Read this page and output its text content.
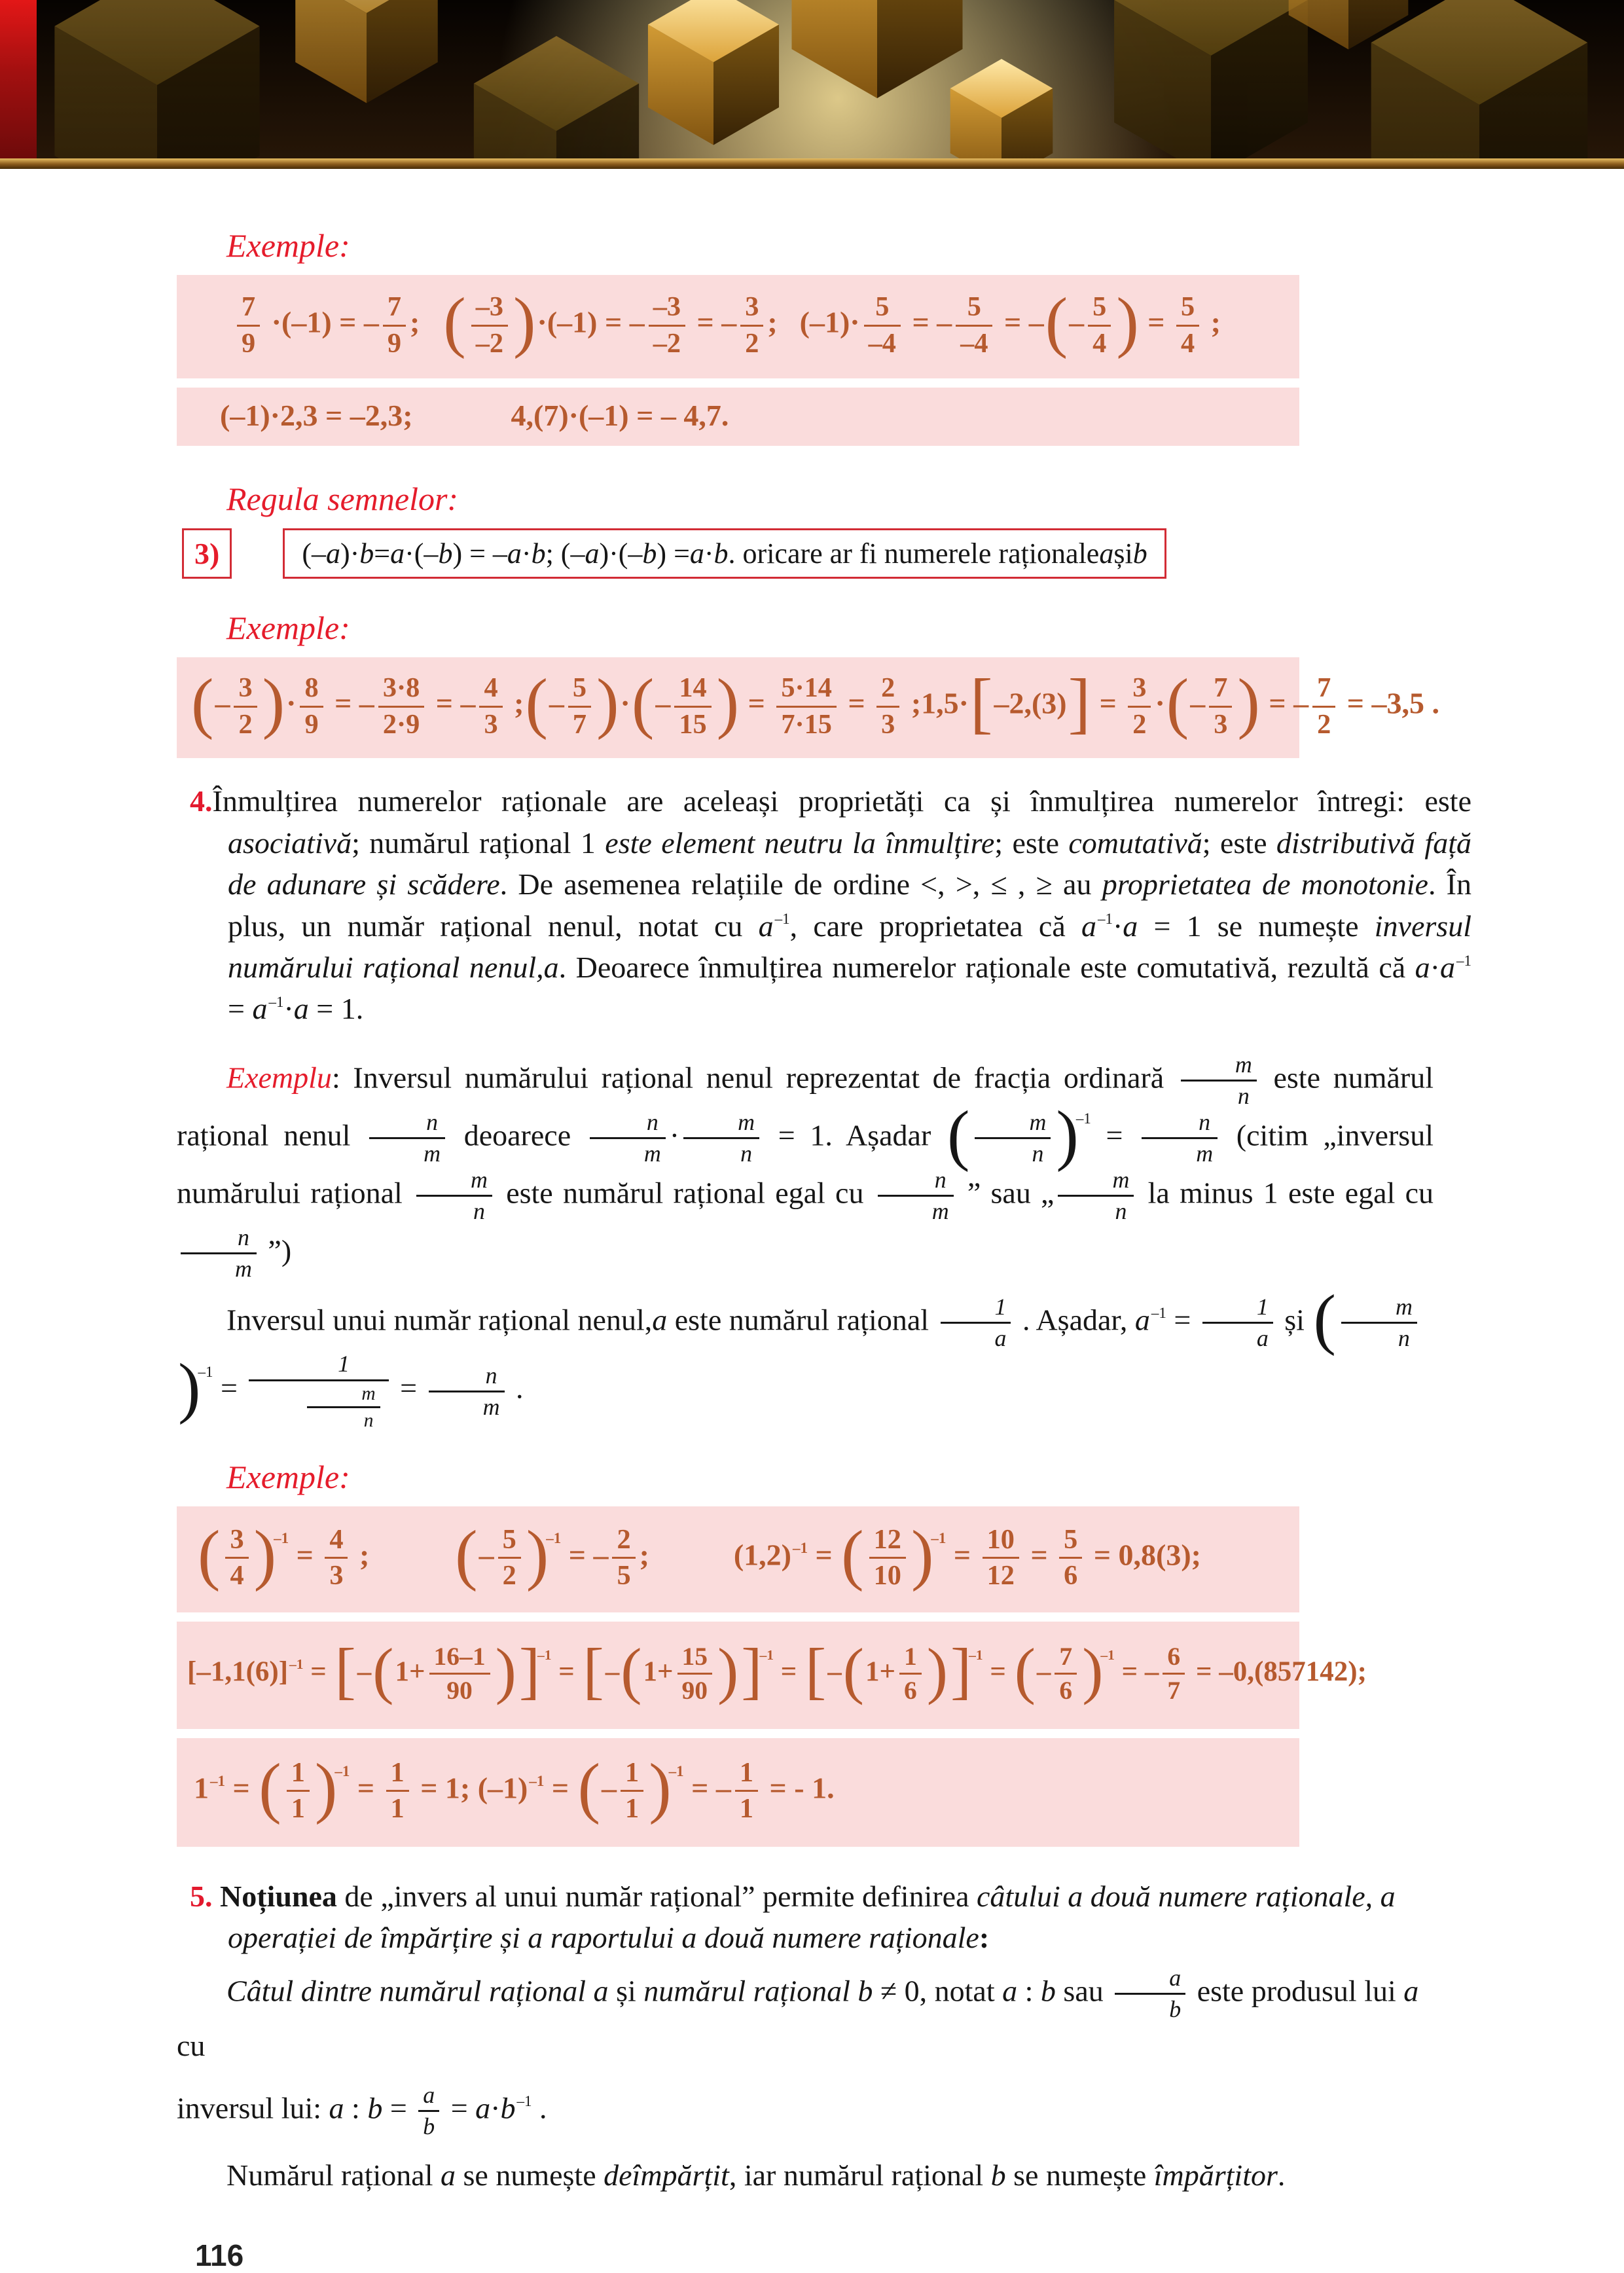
Exemple:
$\frac{7}{9} \cdot(-1)$ = – $\frac{7}{9}$ ; ( $\frac{-3}{-2} )\cdot(-1)$ = – $\frac{-3}{-2}$ = – $\frac{3}{2}$ ; $(-1)\cdot \frac{5}{-4}$ = – $\frac{5}{-4}$ = –(– $\frac{5}{4}$ ) = $\frac{5}{4}$ ;
(–1)·2,3 = –2,3;	4,(7)·(–1) = – 4,7.
Regula semnelor:
3)	(– a )· b = a ·(– b ) = – a · b ; (– a )·(– b ) = a · b . oricare ar fi numerele raționale a și b
Exemple:
(– $\frac{3}{2}$ )· $\frac{8}{9}$ = – $\frac{3\cdot 8}{2\cdot 9}$ = – $\frac{4}{3}$ ; (– $\frac{5}{7}$ )·(– $\frac{14}{15}$ ) = $\frac{5\cdot 14}{7\cdot 15} = \frac{2}{3}$ ; $1,5\cdot[-2,(3)] = \frac{3}{2}$ ·(– $\frac{7}{3}$ ) = – $\frac{7}{2} = -3,5$ .

4.Înmulțirea numerelor raționale are aceleași proprietăți ca și înmulțirea numerelor întregi: este asociativă; numărul rațional 1 este element neutru la înmulțire; este comutativă; este distributivă față de adunare și scădere. De asemenea relațiile de ordine <, >, ≤ , ≥ au proprietatea de monotonie. În plus, un număr rațional nenul, notat cu $a^{-1}$, care proprietatea că $a^{-1}\cdot a = 1$ se numește inversul numărului rațional nenul,a. Deoarece înmulțirea numerelor raționale este comutativă, rezultă că $a\cdot a^{-1} = a^{-1}\cdot a = 1$.

Exemplu: Inversul numărului rațional nenul reprezentat de fracția ordinară $\frac{m}{n}$ este numărul rațional nenul $\frac{n}{m}$ deoarece $\frac{n}{m} \cdot \frac{m}{n} = 1$. Așadar ( $\frac{m}{n} )^{-1} = \frac{n}{m}$ (citim „inversul numărului rațional $\frac{m}{n}$ este numărul rațional egal cu $\frac{n}{m}$ ” sau „ $\frac{m}{n}$ la minus 1 este egal cu
$\frac{n}{m}$ ”)

Inversul unui număr rațional nenul,a este numărul rațional $\frac{1}{a}$ . Așadar, $a^{-1} = \frac{1}{a}$ și ( $\frac{m}{n}$
)$^{-1} = \frac{1}{\frac{m}{n}} = \frac{n}{m}$ .

Exemple:
( $\frac{3}{4} )^{-1} = \frac{4}{3}$ ; (– $\frac{5}{2} )^{-1}$ = – $\frac{2}{5}$ ;	$(1,2)^{-1}$ = ( $\frac{12}{10} )^{-1} = \frac{10}{12} = \frac{5}{6} = 0,8(3)$;
$[-1,1(6)]^{-1} = [-(1+ \frac{16-1}{90} )]^{-1} = [-(1+ \frac{15}{90} )]^{-1} = [-(1+ \frac{1}{6} )]^{-1}$ = (– $\frac{7}{6} )^{-1}$ = – $\frac{6}{7} = -0,(857142)$;
$1^{-1}$ = ( $\frac{1}{1} )^{-1} = \frac{1}{1} = 1$; $(-1)^{-1}$ = (– $\frac{1}{1} )^{-1}$ = – $\frac{1}{1}$ = - 1.

5. Noțiunea de „invers al unui număr rațional” permite definirea câtului a două numere raționale, a operației de împărțire și a raportului a două numere raționale:

Câtul dintre numărul rațional a și numărul rațional b ≠ 0, notat a : b sau $\frac{a}{b}$ este produsul lui a cu

inversul lui: a : $b = \frac{a}{b} = a\cdot b^{-1}$ .

Numărul rațional a se numește deîmpărțit, iar numărul rațional b se numește împărțitor.

116
